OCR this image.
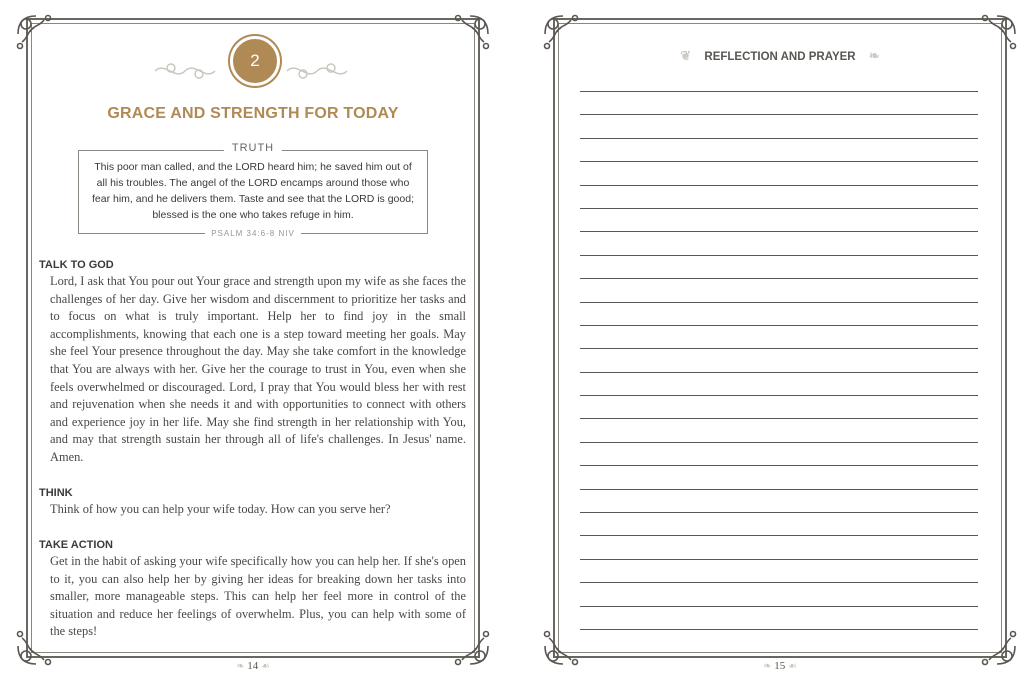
2
GRACE AND STRENGTH FOR TODAY
TRUTH
This poor man called, and the LORD heard him; he saved him out of all his troubles. The angel of the LORD encamps around those who fear him, and he delivers them. Taste and see that the LORD is good; blessed is the one who takes refuge in him.
PSALM 34:6-8 NIV
TALK TO GOD
Lord, I ask that You pour out Your grace and strength upon my wife as she faces the challenges of her day. Give her wisdom and discernment to prioritize her tasks and to focus on what is truly important. Help her to find joy in the small accomplishments, knowing that each one is a step toward meeting her goals. May she feel Your presence throughout the day. May she take comfort in the knowledge that You are always with her. Give her the courage to trust in You, even when she feels overwhelmed or discouraged. Lord, I pray that You would bless her with rest and rejuvenation when she needs it and with opportunities to connect with others and experience joy in her life. May she find strength in her relationship with You, and may that strength sustain her through all of life's challenges. In Jesus' name. Amen.
THINK
Think of how you can help your wife today. How can you serve her?
TAKE ACTION
Get in the habit of asking your wife specifically how you can help her. If she's open to it, you can also help her by giving her ideas for breaking down her tasks into smaller, more manageable steps. This can help her feel more in control of the situation and reduce her feelings of overwhelm. Plus, you can help with some of the steps!
❧ 14 ☙
❦ REFLECTION AND PRAYER ❧
❧ 15 ☙
